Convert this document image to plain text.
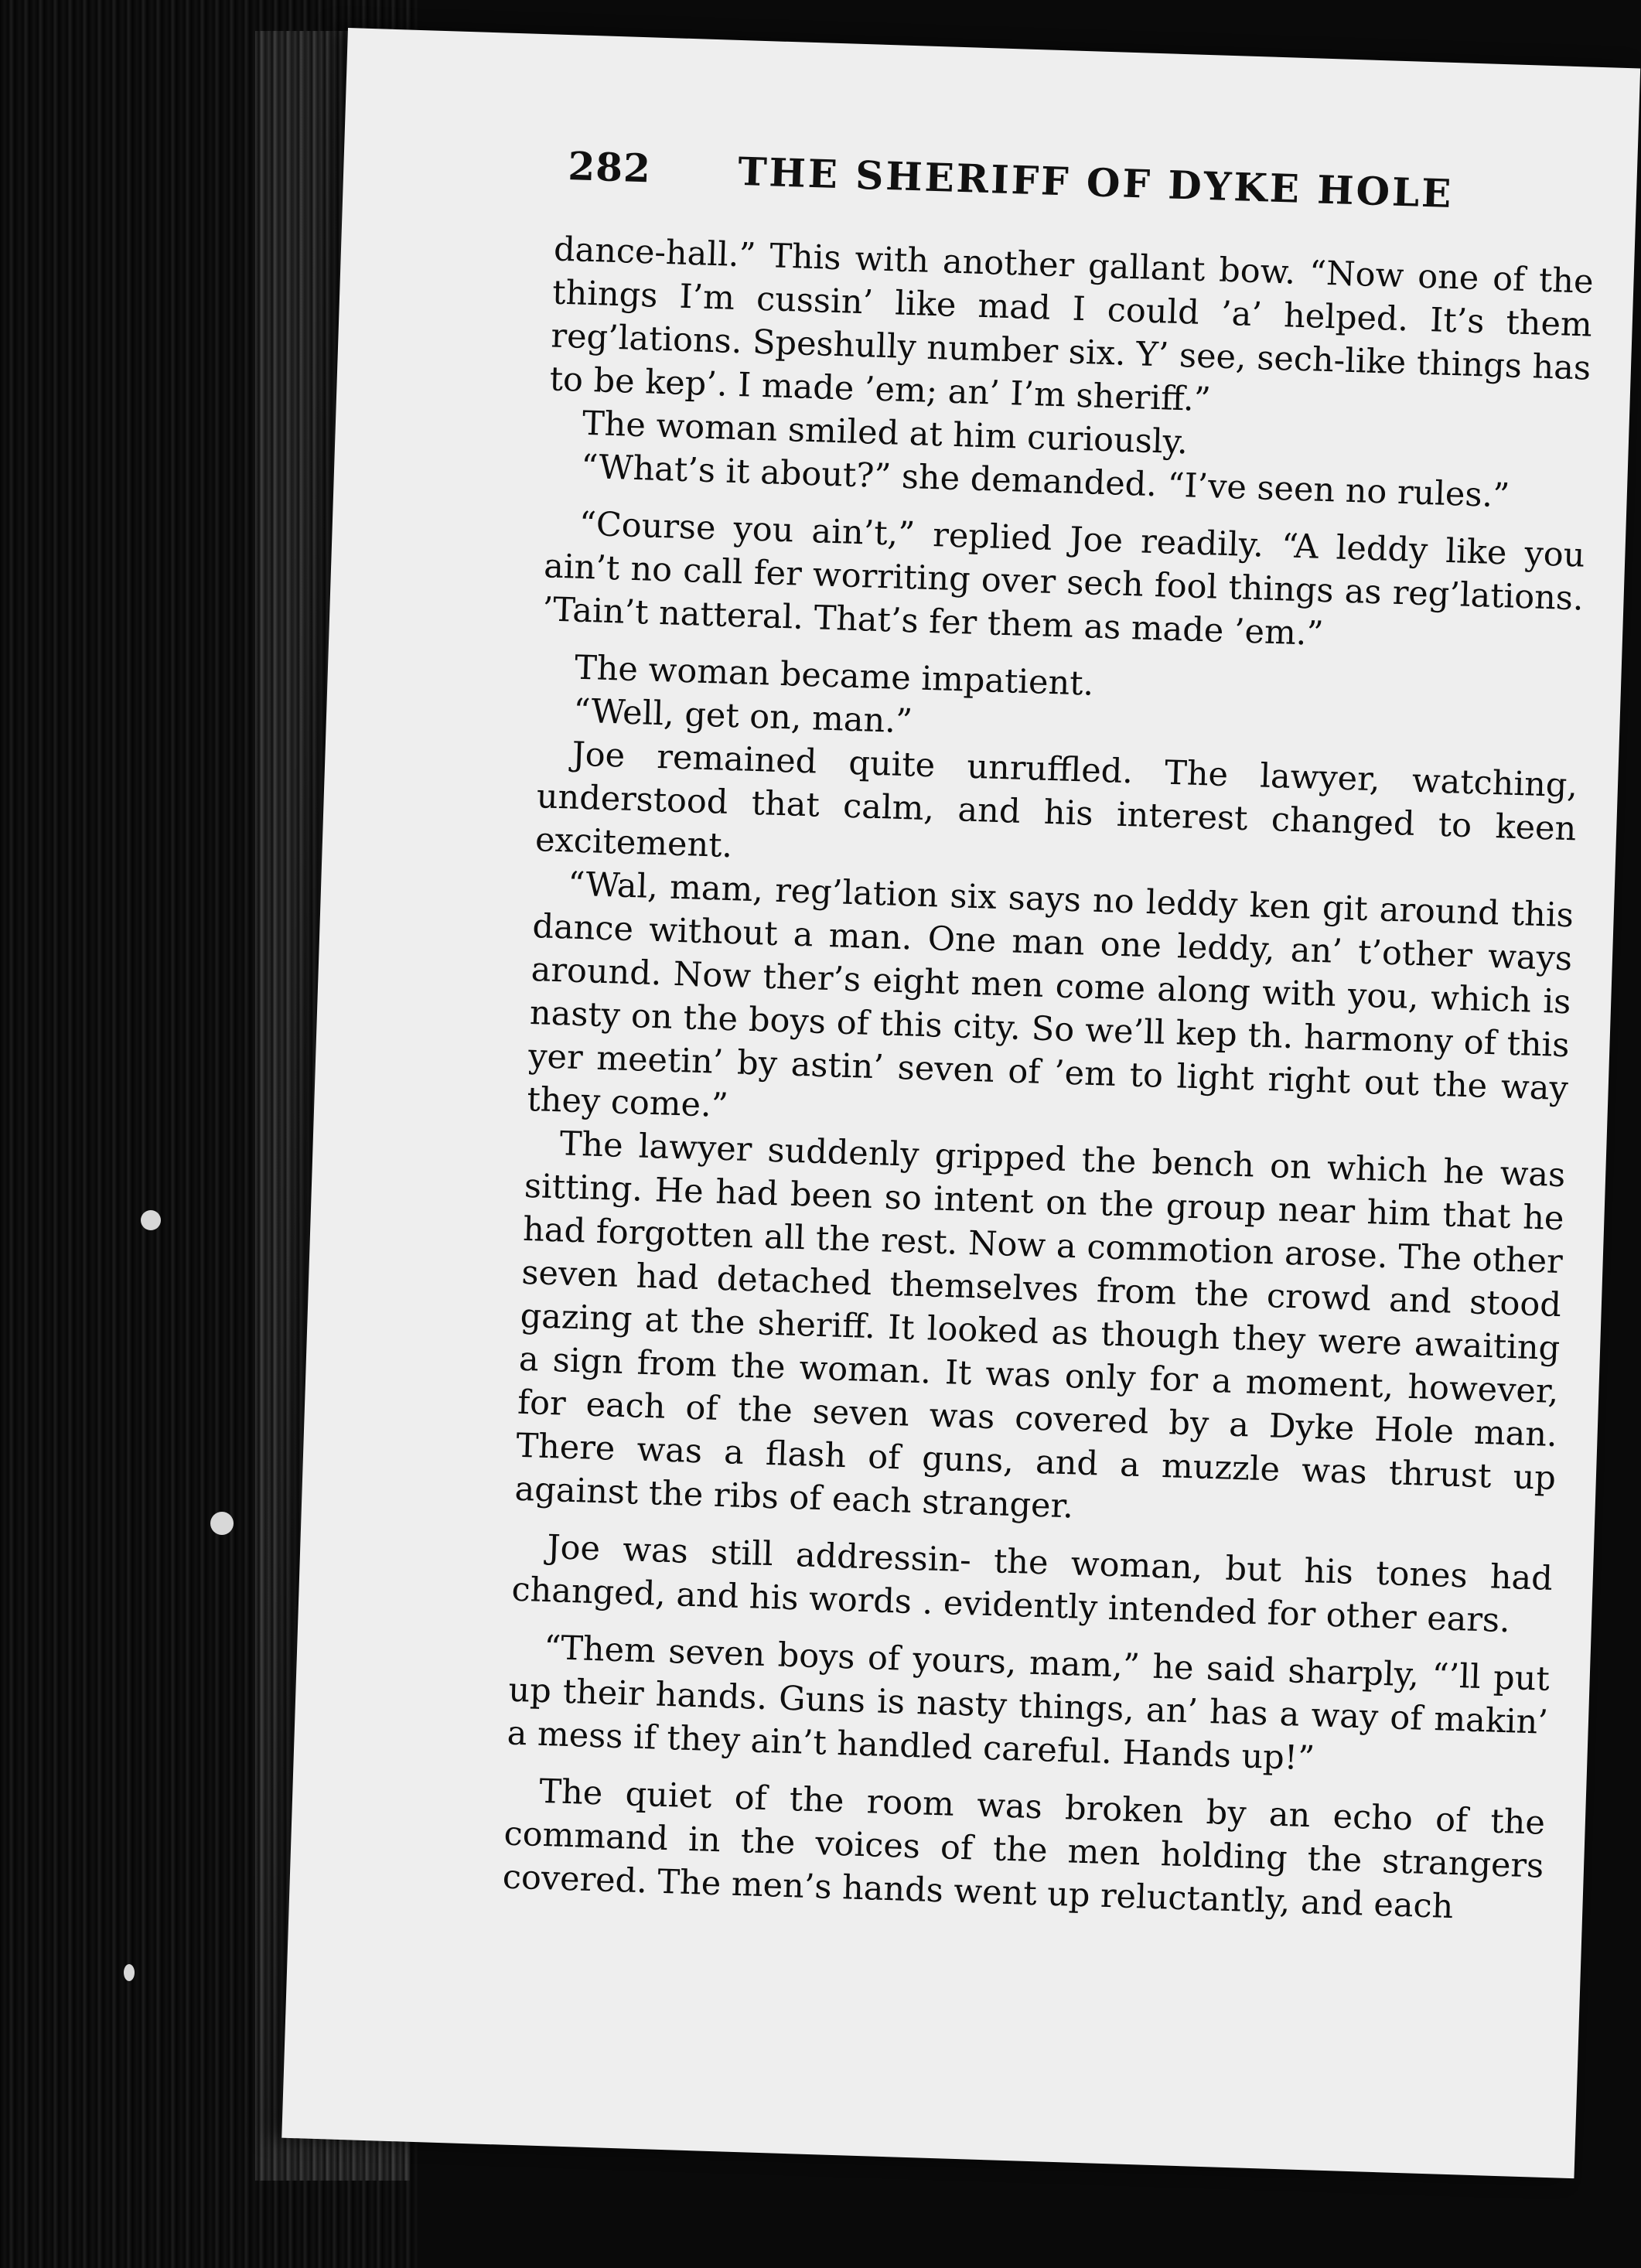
282 THE SHERIFF OF DYKE HOLE

dance-hall.” This with another gallant bow. “Now one of the things I’m cussin’ like mad I could ’a’ helped. It’s them reg’lations. Speshully number six. Y’ see, sech-like things has to be kep’. I made ’em; an’ I’m sheriff.”

The woman smiled at him curiously.

“What’s it about?” she demanded. “I’ve seen no rules.”

“Course you ain’t,” replied Joe readily. “A leddy like you ain’t no call fer worriting over sech fool things as reg’lations. ’Tain’t natteral. That’s fer them as made ’em.”

The woman became impatient.

“Well, get on, man.”

Joe remained quite unruffled. The lawyer, watching, understood that calm, and his interest changed to keen excitement.

“Wal, mam, reg’lation six says no leddy ken git around this dance without a man. One man one leddy, an’ t’other ways around. Now ther’s eight men come along with you, which is nasty on the boys of this city. So we’ll kep th. harmony of this yer meetin’ by astin’ seven of ’em to light right out the way they come.”

The lawyer suddenly gripped the bench on which he was sitting. He had been so intent on the group near him that he had forgotten all the rest. Now a commotion arose. The other seven had detached themselves from the crowd and stood gazing at the sheriff. It looked as though they were awaiting a sign from the woman. It was only for a moment, however, for each of the seven was covered by a Dyke Hole man. There was a flash of guns, and a muzzle was thrust up against the ribs of each stranger.

Joe was still addressin- the woman, but his tones had changed, and his words . evidently intended for other ears.

“Them seven boys of yours, mam,” he said sharply, “’ll put up their hands. Guns is nasty things, an’ has a way of makin’ a mess if they ain’t handled careful. Hands up!”

The quiet of the room was broken by an echo of the command in the voices of the men holding the strangers covered. The men’s hands went up reluctantly, and each
